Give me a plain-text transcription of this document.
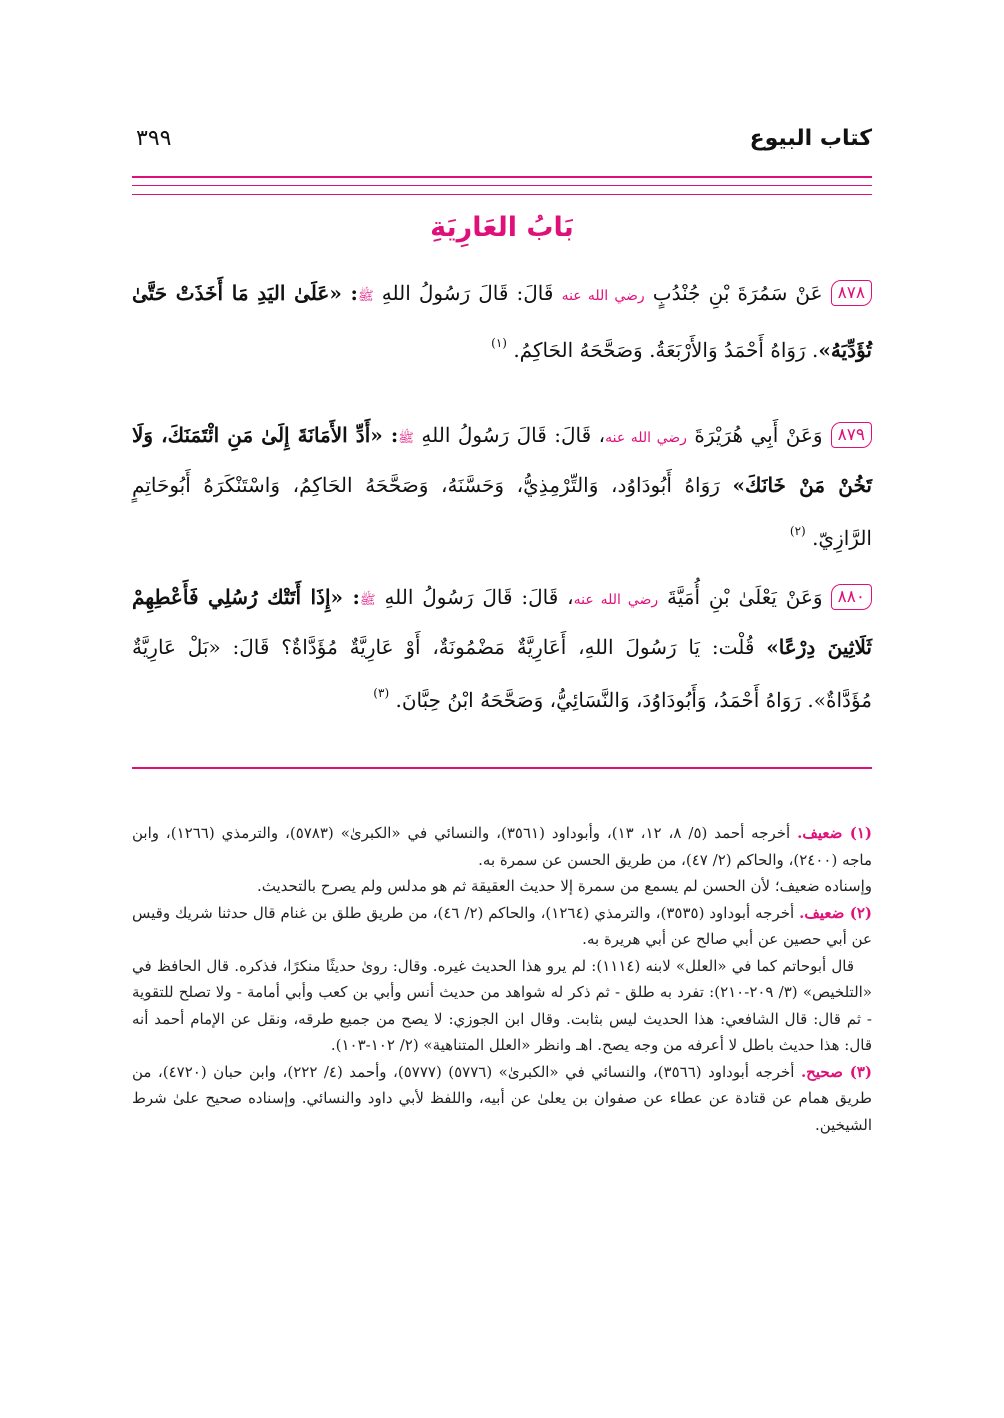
كتاب البيوع
٣٩٩
بَابُ العَارِيَةِ
٨٧٨عَنْ سَمُرَةَ بْنِ جُنْدُبٍ رضي الله عنه قَالَ: قَالَ رَسُولُ اللهِ ﷺ: «عَلَىٰ اليَدِ مَا أَخَذَتْ حَتَّىٰ تُؤَدِّيَهُ». رَوَاهُ أَحْمَدُ وَالأَرْبَعَةُ. وَصَحَّحَهُ الحَاكِمُ. $^{(١)}$
٨٧٩وَعَنْ أَبِي هُرَيْرَةَ رضي الله عنه، قَالَ: قَالَ رَسُولُ اللهِ ﷺ: «أَدِّ الأَمَانَةَ إِلَىٰ مَنِ ائْتَمَنَكَ، وَلَا تَخُنْ مَنْ خَانَكَ» رَوَاهُ أَبُودَاوُد، وَالتِّرْمِذِيُّ، وَحَسَّنَهُ، وَصَحَّحَهُ الحَاكِمُ، وَاسْتَنْكَرَهُ أَبُوحَاتِمٍ الرَّازِيّ. $^{(٢)}$
٨٨٠وَعَنْ يَعْلَىٰ بْنِ أُمَيَّةَ رضي الله عنه، قَالَ: قَالَ رَسُولُ اللهِ ﷺ: «إِذَا أَتَتْك رُسُلِي فَأَعْطِهِمْ ثَلَاثِينَ دِرْعًا» قُلْت: يَا رَسُولَ اللهِ، أَعَارِيَّةٌ مَضْمُونَةٌ، أَوْ عَارِيَّةٌ مُؤَدَّاةٌ؟ قَالَ: «بَلْ عَارِيَّةٌ مُؤَدَّاةٌ». رَوَاهُ أَحْمَدُ، وَأَبُودَاوُدَ، وَالنَّسَائِيُّ، وَصَحَّحَهُ ابْنُ حِبَّانَ. $^{(٣)}$

(١) ضعيف. أخرجه أحمد (٥/ ٨، ١٢، ١٣)، وأبوداود (٣٥٦١)، والنسائي في «الكبرىٰ» (٥٧٨٣)، والترمذي (١٢٦٦)، وابن ماجه (٢٤٠٠)، والحاكم (٢/ ٤٧)، من طريق الحسن عن سمرة به.

وإسناده ضعيف؛ لأن الحسن لم يسمع من سمرة إلا حديث العقيقة ثم هو مدلس ولم يصرح بالتحديث.

(٢) ضعيف. أخرجه أبوداود (٣٥٣٥)، والترمذي (١٢٦٤)، والحاكم (٢/ ٤٦)، من طريق طلق بن غنام قال حدثنا شريك وقيس عن أبي حصين عن أبي صالح عن أبي هريرة به.

قال أبوحاتم كما في «العلل» لابنه (١١١٤): لم يرو هذا الحديث غيره. وقال: روىٰ حديثًا منكرًا، فذكره. قال الحافظ في «التلخيص» (٣/ ٢٠٩-٢١٠): تفرد به طلق - ثم ذكر له شواهد من حديث أنس وأبي بن كعب وأبي أمامة - ولا تصلح للتقوية - ثم قال: قال الشافعي: هذا الحديث ليس بثابت. وقال ابن الجوزي: لا يصح من جميع طرقه، ونقل عن الإمام أحمد أنه قال: هذا حديث باطل لا أعرفه من وجه يصح. اهـ وانظر «العلل المتناهية» (٢/ ١٠٢-١٠٣).

(٣) صحيح. أخرجه أبوداود (٣٥٦٦)، والنسائي في «الكبرىٰ» (٥٧٧٦) (٥٧٧٧)، وأحمد (٤/ ٢٢٢)، وابن حبان (٤٧٢٠)، من طريق همام عن قتادة عن عطاء عن صفوان بن يعلىٰ عن أبيه، واللفظ لأبي داود والنسائي. وإسناده صحيح علىٰ شرط الشيخين.
